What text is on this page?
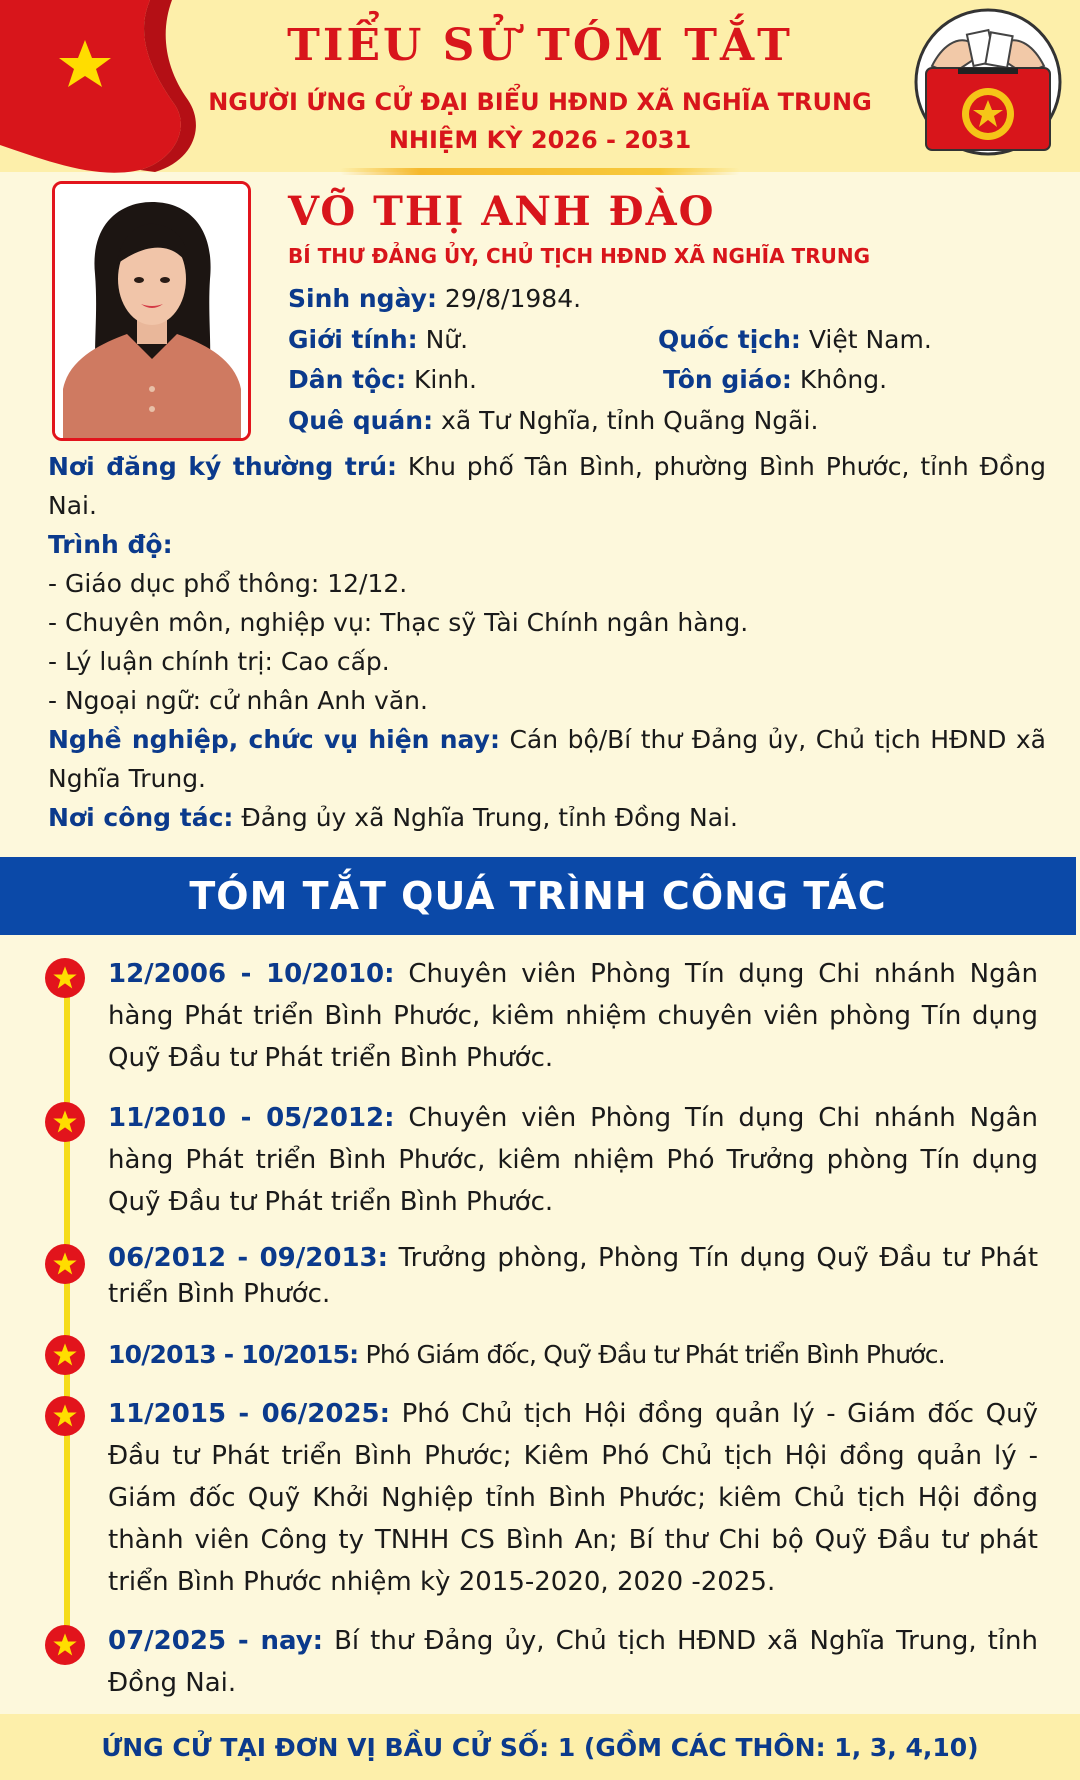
TIỂU SỬ TÓM TẮT
NGƯỜI ỨNG CỬ ĐẠI BIỂU HĐND XÃ NGHĨA TRUNG
NHIỆM KỲ 2026 - 2031
VÕ THỊ ANH ĐÀO
BÍ THƯ ĐẢNG ỦY, CHỦ TỊCH HĐND XÃ NGHĨA TRUNG
Sinh ngày: 29/8/1984.
Giới tính: Nữ.	Quốc tịch: Việt Nam.
Dân tộc: Kinh.	Tôn giáo: Không.
Quê quán: xã Tư Nghĩa, tỉnh Quãng Ngãi.

Nơi đăng ký thường trú: Khu phố Tân Bình, phường Bình Phước, tỉnh Đồng Nai.

Trình độ:

- Giáo dục phổ thông: 12/12.

- Chuyên môn, nghiệp vụ: Thạc sỹ Tài Chính ngân hàng.

- Lý luận chính trị: Cao cấp.

- Ngoại ngữ: cử nhân Anh văn.

Nghề nghiệp, chức vụ hiện nay: Cán bộ/Bí thư Đảng ủy, Chủ tịch HĐND xã Nghĩa Trung.

Nơi công tác: Đảng ủy xã Nghĩa Trung, tỉnh Đồng Nai.

TÓM TẮT QUÁ TRÌNH CÔNG TÁC
12/2006 - 10/2010: Chuyên viên Phòng Tín dụng Chi nhánh Ngân hàng Phát triển Bình Phước, kiêm nhiệm chuyên viên phòng Tín dụng Quỹ Đầu tư Phát triển Bình Phước.
11/2010 - 05/2012: Chuyên viên Phòng Tín dụng Chi nhánh Ngân hàng Phát triển Bình Phước, kiêm nhiệm Phó Trưởng phòng Tín dụng Quỹ Đầu tư Phát triển Bình Phước.
06/2012 - 09/2013: Trưởng phòng, Phòng Tín dụng Quỹ Đầu tư Phát triển Bình Phước.
10/2013 - 10/2015: Phó Giám đốc, Quỹ Đầu tư Phát triển Bình Phước.
11/2015 - 06/2025: Phó Chủ tịch Hội đồng quản lý - Giám đốc Quỹ Đầu tư Phát triển Bình Phước; Kiêm Phó Chủ tịch Hội đồng quản lý - Giám đốc Quỹ Khởi Nghiệp tỉnh Bình Phước; kiêm Chủ tịch Hội đồng thành viên Công ty TNHH CS Bình An; Bí thư Chi bộ Quỹ Đầu tư phát triển Bình Phước nhiệm kỳ 2015-2020, 2020 -2025.
07/2025 - nay: Bí thư Đảng ủy, Chủ tịch HĐND xã Nghĩa Trung, tỉnh Đồng Nai.
ỨNG CỬ TẠI ĐƠN VỊ BẦU CỬ SỐ: 1 (GỒM CÁC THÔN: 1, 3, 4,10)
